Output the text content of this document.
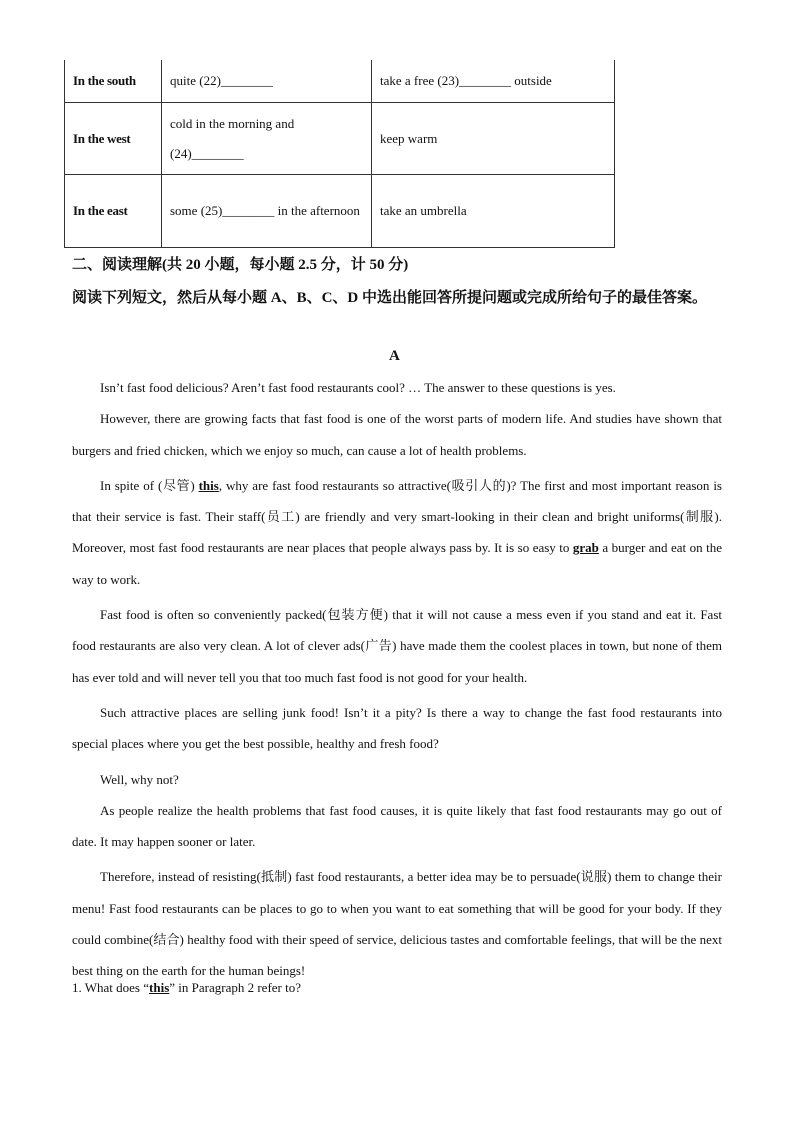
In the south	quite (22)________	take a free (23)________ outside
In the west	cold in the morning and (24)________	keep warm
In the east	some (25)________ in the afternoon	take an umbrella
二、阅读理解(共 20 小题，每小题 2.5 分，计 50 分)
阅读下列短文，然后从每小题 A、B、C、D 中选出能回答所提问题或完成所给句子的最佳答案。
A

Isn’t fast food delicious? Aren’t fast food restaurants cool? … The answer to these questions is yes.

However, there are growing facts that fast food is one of the worst parts of modern life. And studies have shown that burgers and fried chicken, which we enjoy so much, can cause a lot of health problems.

In spite of (尽管) this, why are fast food restaurants so attractive(吸引人的)? The first and most important reason is that their service is fast. Their staff(员工) are friendly and very smart-looking in their clean and bright uniforms(制服). Moreover, most fast food restaurants are near places that people always pass by. It is so easy to grab a burger and eat on the way to work.

Fast food is often so conveniently packed(包装方便) that it will not cause a mess even if you stand and eat it. Fast food restaurants are also very clean. A lot of clever ads(广告) have made them the coolest places in town, but none of them has ever told and will never tell you that too much fast food is not good for your health.

Such attractive places are selling junk food! Isn’t it a pity? Is there a way to change the fast food restaurants into special places where you get the best possible, healthy and fresh food?

Well, why not?

As people realize the health problems that fast food causes, it is quite likely that fast food restaurants may go out of date. It may happen sooner or later.

Therefore, instead of resisting(抵制) fast food restaurants, a better idea may be to persuade(说服) them to change their menu! Fast food restaurants can be places to go to when you want to eat something that will be good for your body. If they could combine(结合) healthy food with their speed of service, delicious tastes and comfortable feelings, that will be the next best thing on the earth for the human beings!

1. What does “this” in Paragraph 2 refer to?
